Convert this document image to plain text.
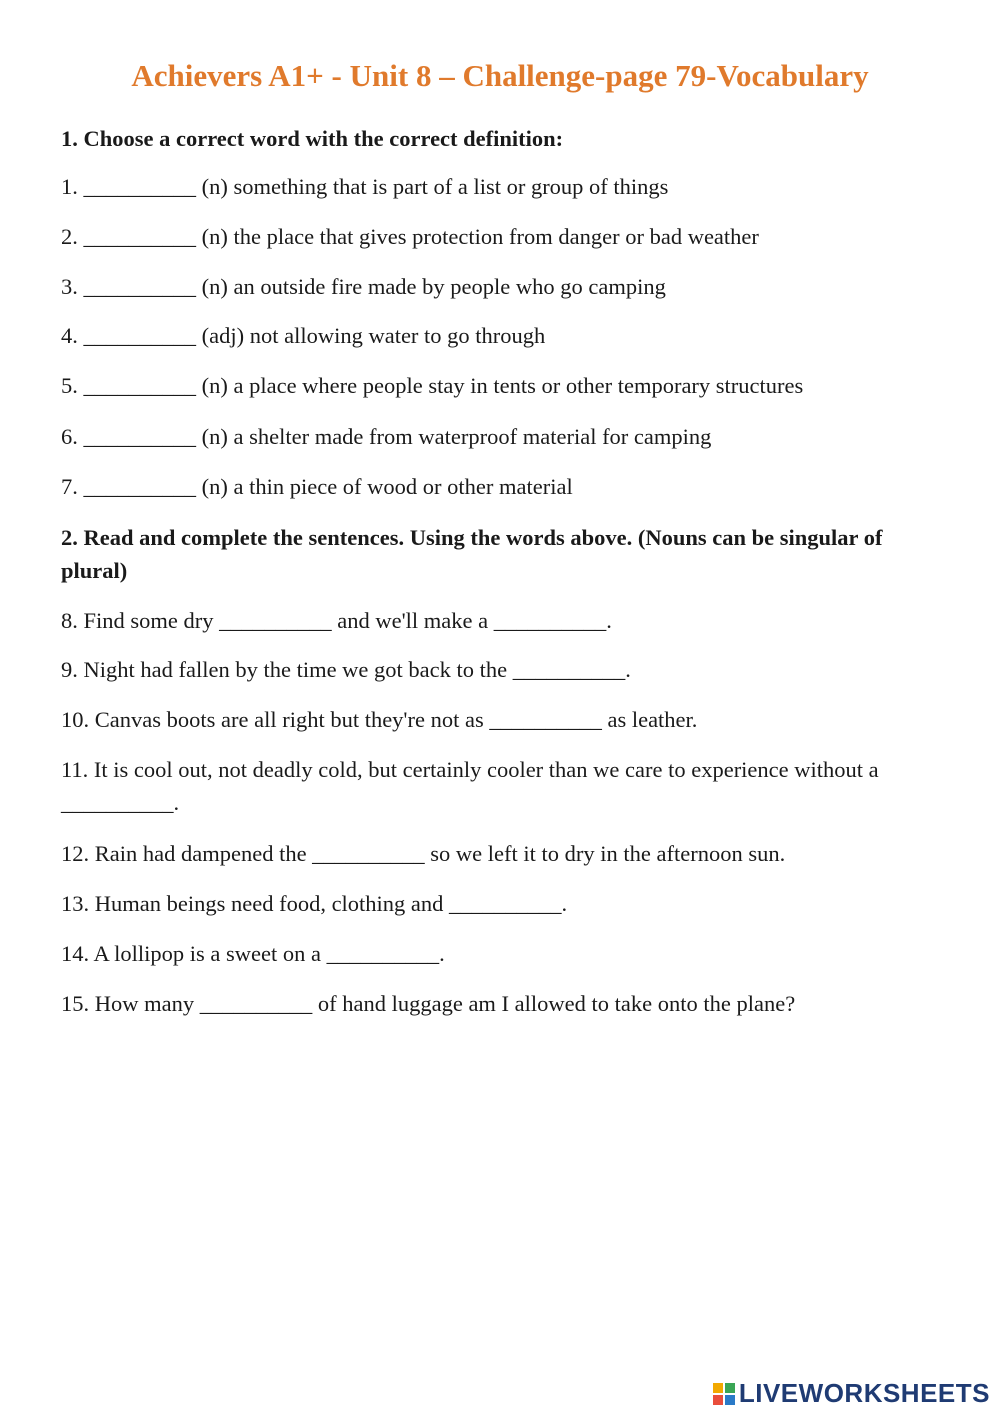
Achievers A1+ - Unit 8 – Challenge-page 79-Vocabulary

1. Choose a correct word with the correct definition:

1. __________ (n) something that is part of a list or group of things

2. __________ (n) the place that gives protection from danger or bad weather

3. __________ (n) an outside fire made by people who go camping

4. __________ (adj) not allowing water to go through

5. __________ (n) a place where people stay in tents or other temporary structures

6. __________ (n) a shelter made from waterproof material for camping

7. __________ (n) a thin piece of wood or other material

2. Read and complete the sentences. Using the words above. (Nouns can be singular of plural)

8. Find some dry __________ and we'll make a __________.

9. Night had fallen by the time we got back to the __________.

10. Canvas boots are all right but they're not as __________ as leather.

11. It is cool out, not deadly cold, but certainly cooler than we care to experience without a __________.

12. Rain had dampened the __________ so we left it to dry in the afternoon sun.

13. Human beings need food, clothing and __________.

14. A lollipop is a sweet on a __________.

15. How many __________ of hand luggage am I allowed to take onto the plane?

LIVEWORKSHEETS
